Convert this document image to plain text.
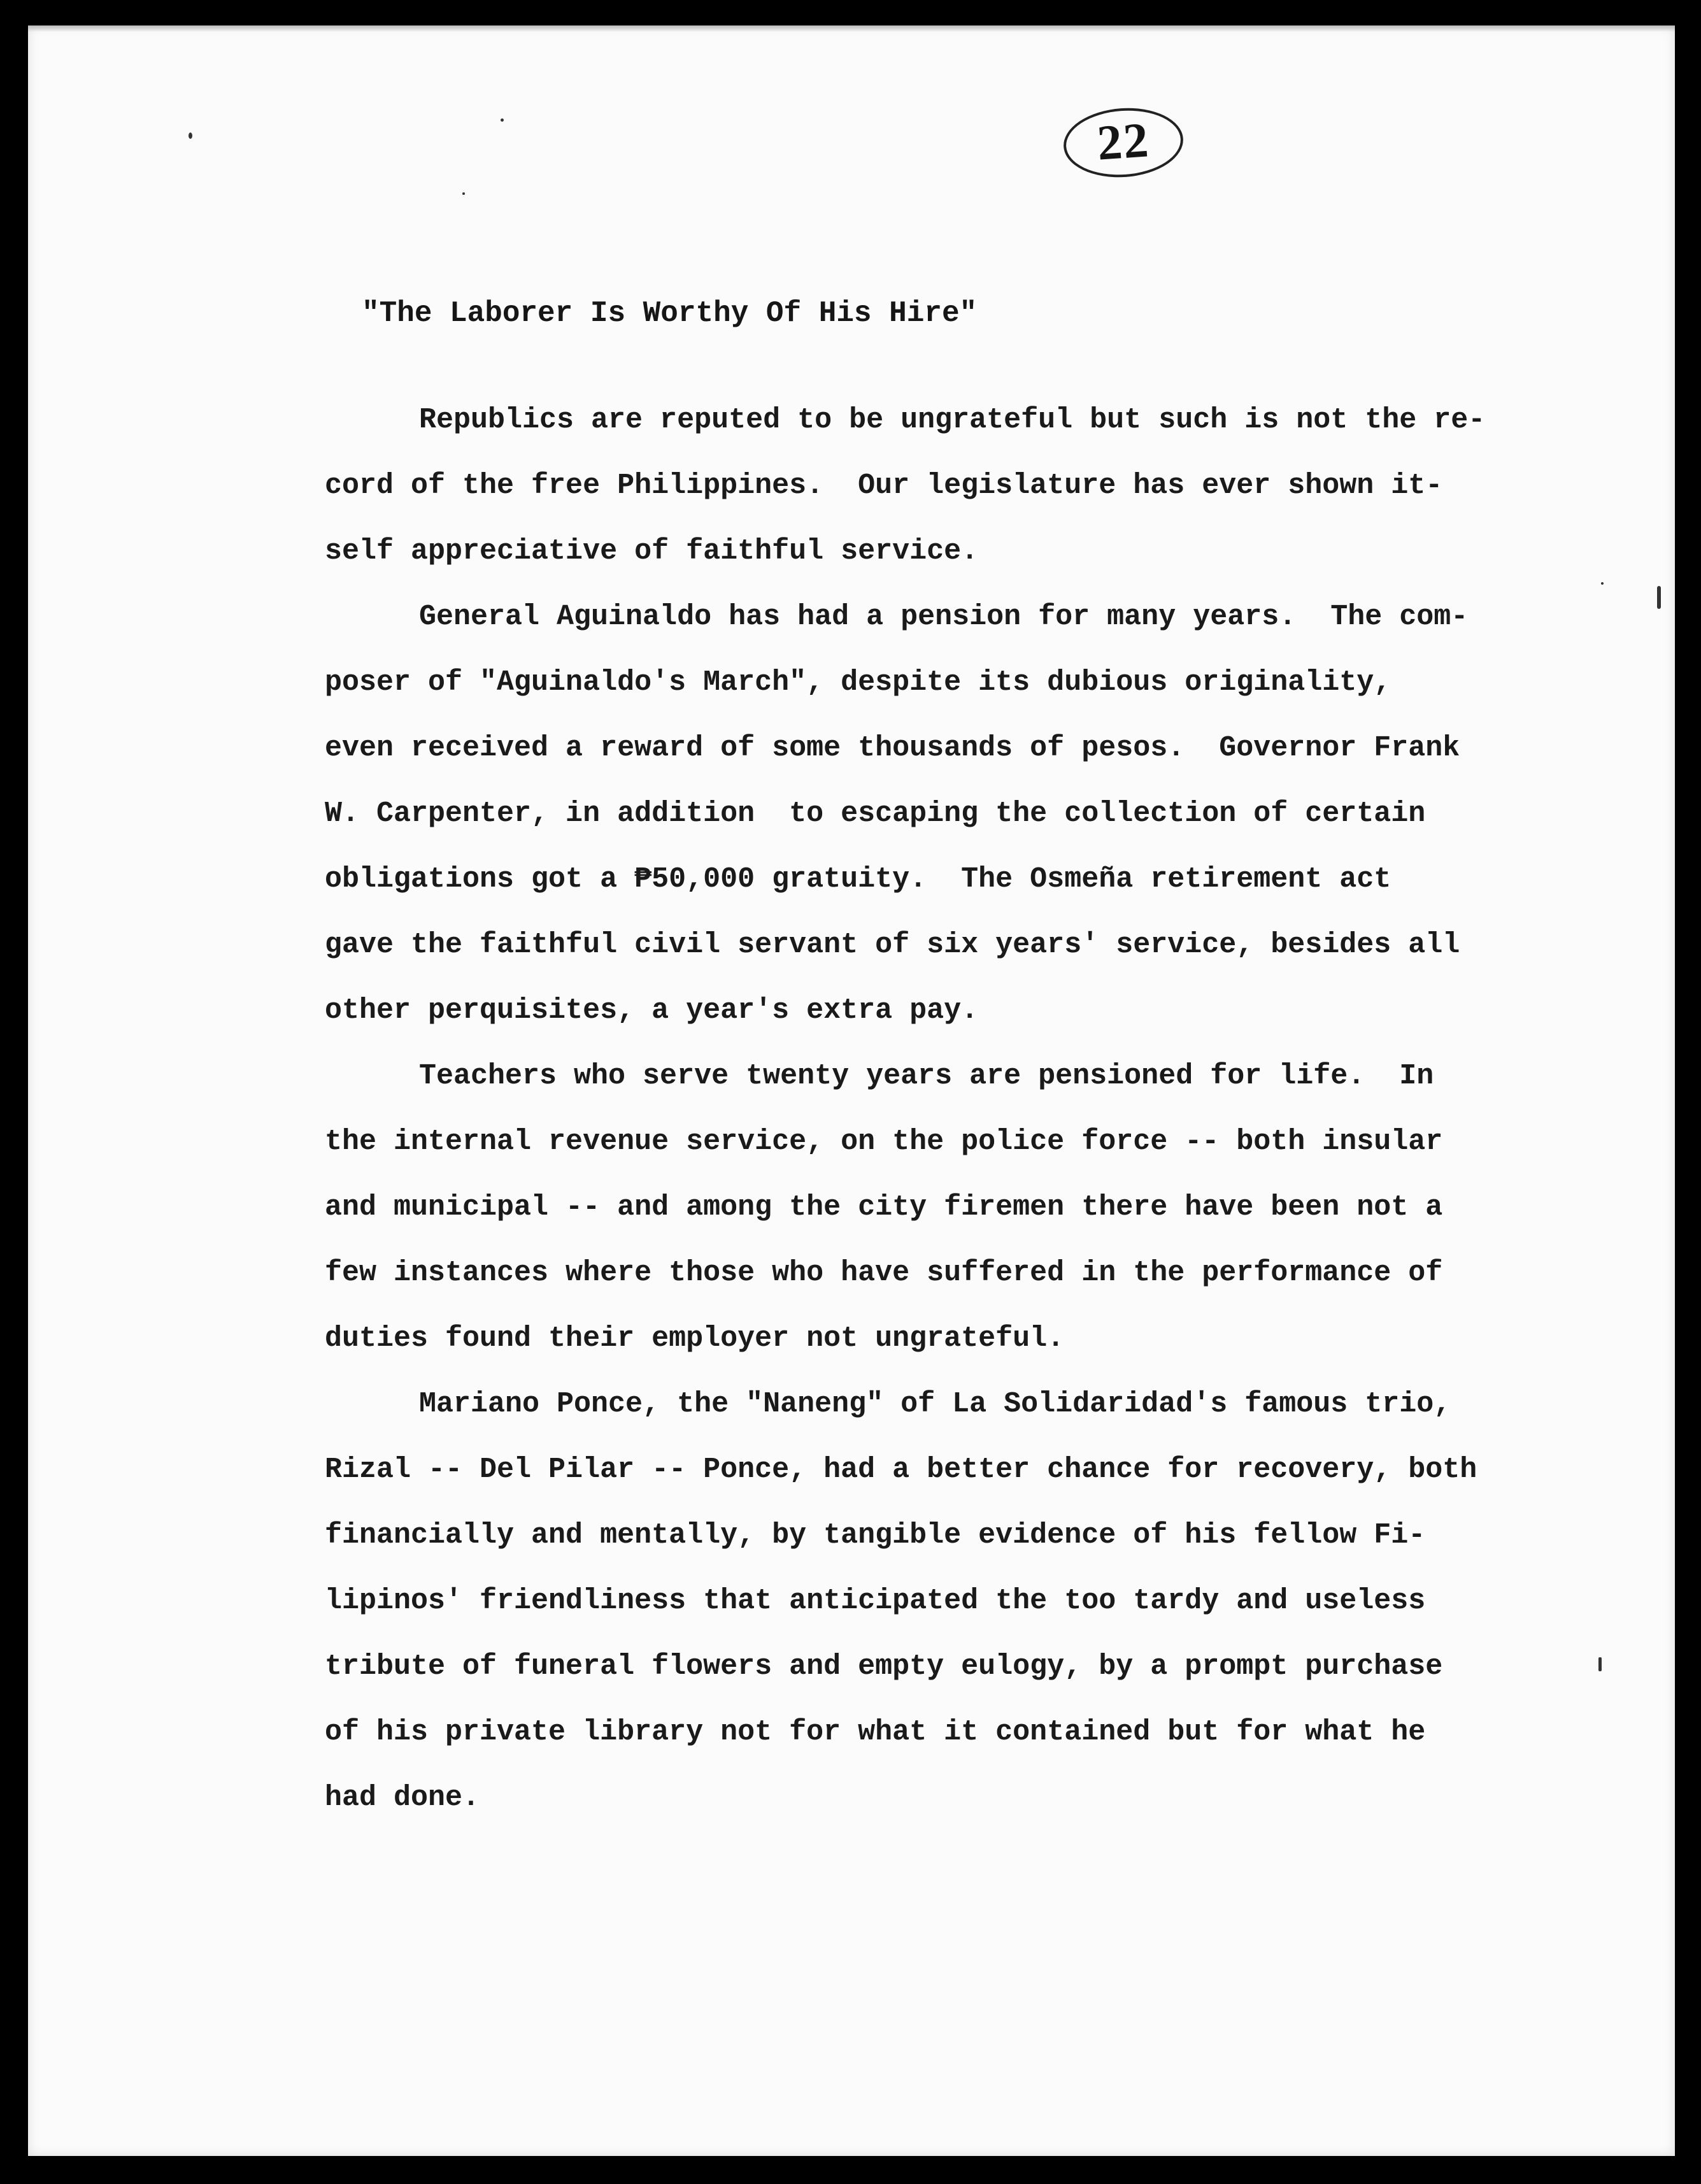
22
"The Laborer Is Worthy Of His Hire"

Republics are reputed to be ungrateful but such is not the re-
cord of the free Philippines.  Our legislature has ever shown it-
self appreciative of faithful service.

General Aguinaldo has had a pension for many years.  The com-
poser of "Aguinaldo's March", despite its dubious originality,
even received a reward of some thousands of pesos.  Governor Frank
W. Carpenter, in addition  to escaping the collection of certain
obligations got a ₱50,000 gratuity.  The Osmeña retirement act
gave the faithful civil servant of six years' service, besides all
other perquisites, a year's extra pay.

Teachers who serve twenty years are pensioned for life.  In
the internal revenue service, on the police force -- both insular
and municipal -- and among the city firemen there have been not a
few instances where those who have suffered in the performance of
duties found their employer not ungrateful.

Mariano Ponce, the "Naneng" of La Solidaridad's famous trio,
Rizal -- Del Pilar -- Ponce, had a better chance for recovery, both
financially and mentally, by tangible evidence of his fellow Fi-
lipinos' friendliness that anticipated the too tardy and useless
tribute of funeral flowers and empty eulogy, by a prompt purchase
of his private library not for what it contained but for what he
had done.
